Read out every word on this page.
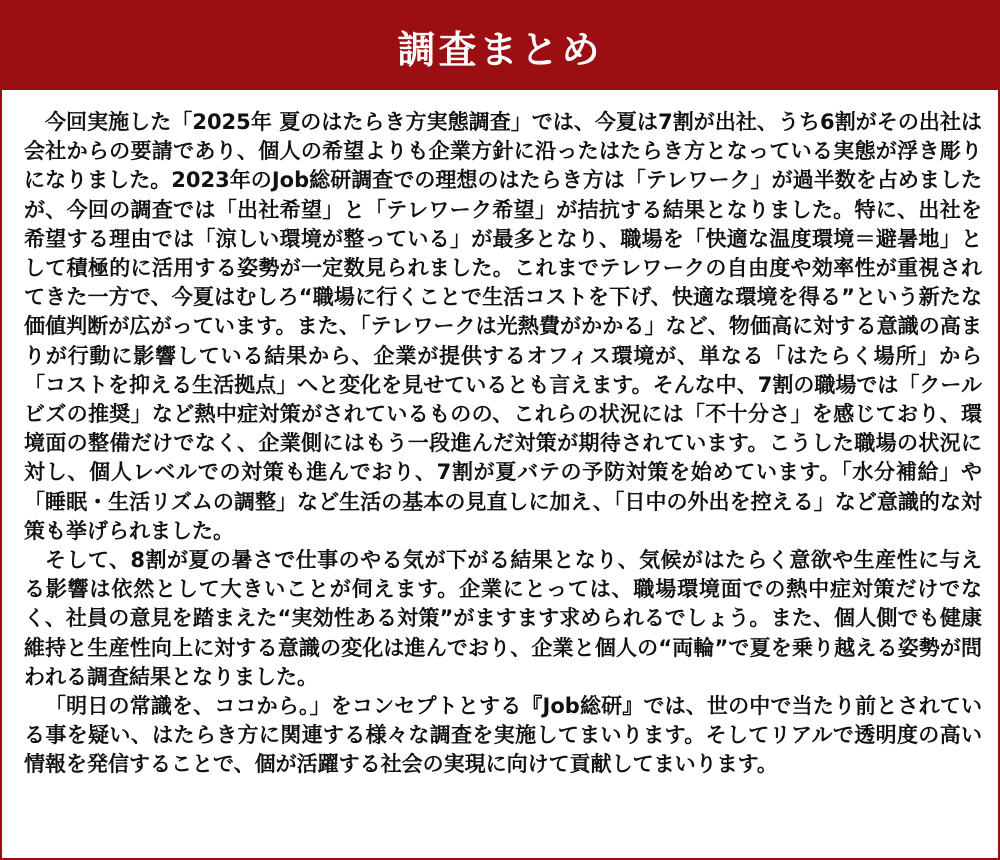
調査まとめ

今回実施した「2025年 夏のはたらき方実態調査」では、今夏は7割が出社、うち6割がその出社は会社からの要請であり、個人の希望よりも企業方針に沿ったはたらき方となっている実態が浮き彫りになりました。2023年のJob総研調査での理想のはたらき方は「テレワーク」が過半数を占めましたが、今回の調査では「出社希望」と「テレワーク希望」が拮抗する結果となりました。特に、出社を希望する理由では「涼しい環境が整っている」が最多となり、職場を「快適な温度環境＝避暑地」として積極的に活用する姿勢が一定数見られました。これまでテレワークの自由度や効率性が重視されてきた一方で、今夏はむしろ“職場に行くことで生活コストを下げ、快適な環境を得る”という新たな価値判断が広がっています。また、「テレワークは光熱費がかかる」など、物価高に対する意識の高まりが行動に影響している結果から、企業が提供するオフィス環境が、単なる「はたらく場所」から「コストを抑える生活拠点」へと変化を見せているとも言えます。そんな中、7割の職場では「クールビズの推奨」など熱中症対策がされているものの、これらの状況には「不十分さ」を感じており、環境面の整備だけでなく、企業側にはもう一段進んだ対策が期待されています。こうした職場の状況に対し、個人レベルでの対策も進んでおり、7割が夏バテの予防対策を始めています。「水分補給」や「睡眠・生活リズムの調整」など生活の基本の見直しに加え、「日中の外出を控える」など意識的な対策も挙げられました。

そして、8割が夏の暑さで仕事のやる気が下がる結果となり、気候がはたらく意欲や生産性に与える影響は依然として大きいことが伺えます。企業にとっては、職場環境面での熱中症対策だけでなく、社員の意見を踏まえた“実効性ある対策”がますます求められるでしょう。また、個人側でも健康維持と生産性向上に対する意識の変化は進んでおり、企業と個人の“両輪”で夏を乗り越える姿勢が問われる調査結果となりました。

「明日の常識を、ココから。」をコンセプトとする『Job総研』では、世の中で当たり前とされている事を疑い、はたらき方に関連する様々な調査を実施してまいります。そしてリアルで透明度の高い情報を発信することで、個が活躍する社会の実現に向けて貢献してまいります。
